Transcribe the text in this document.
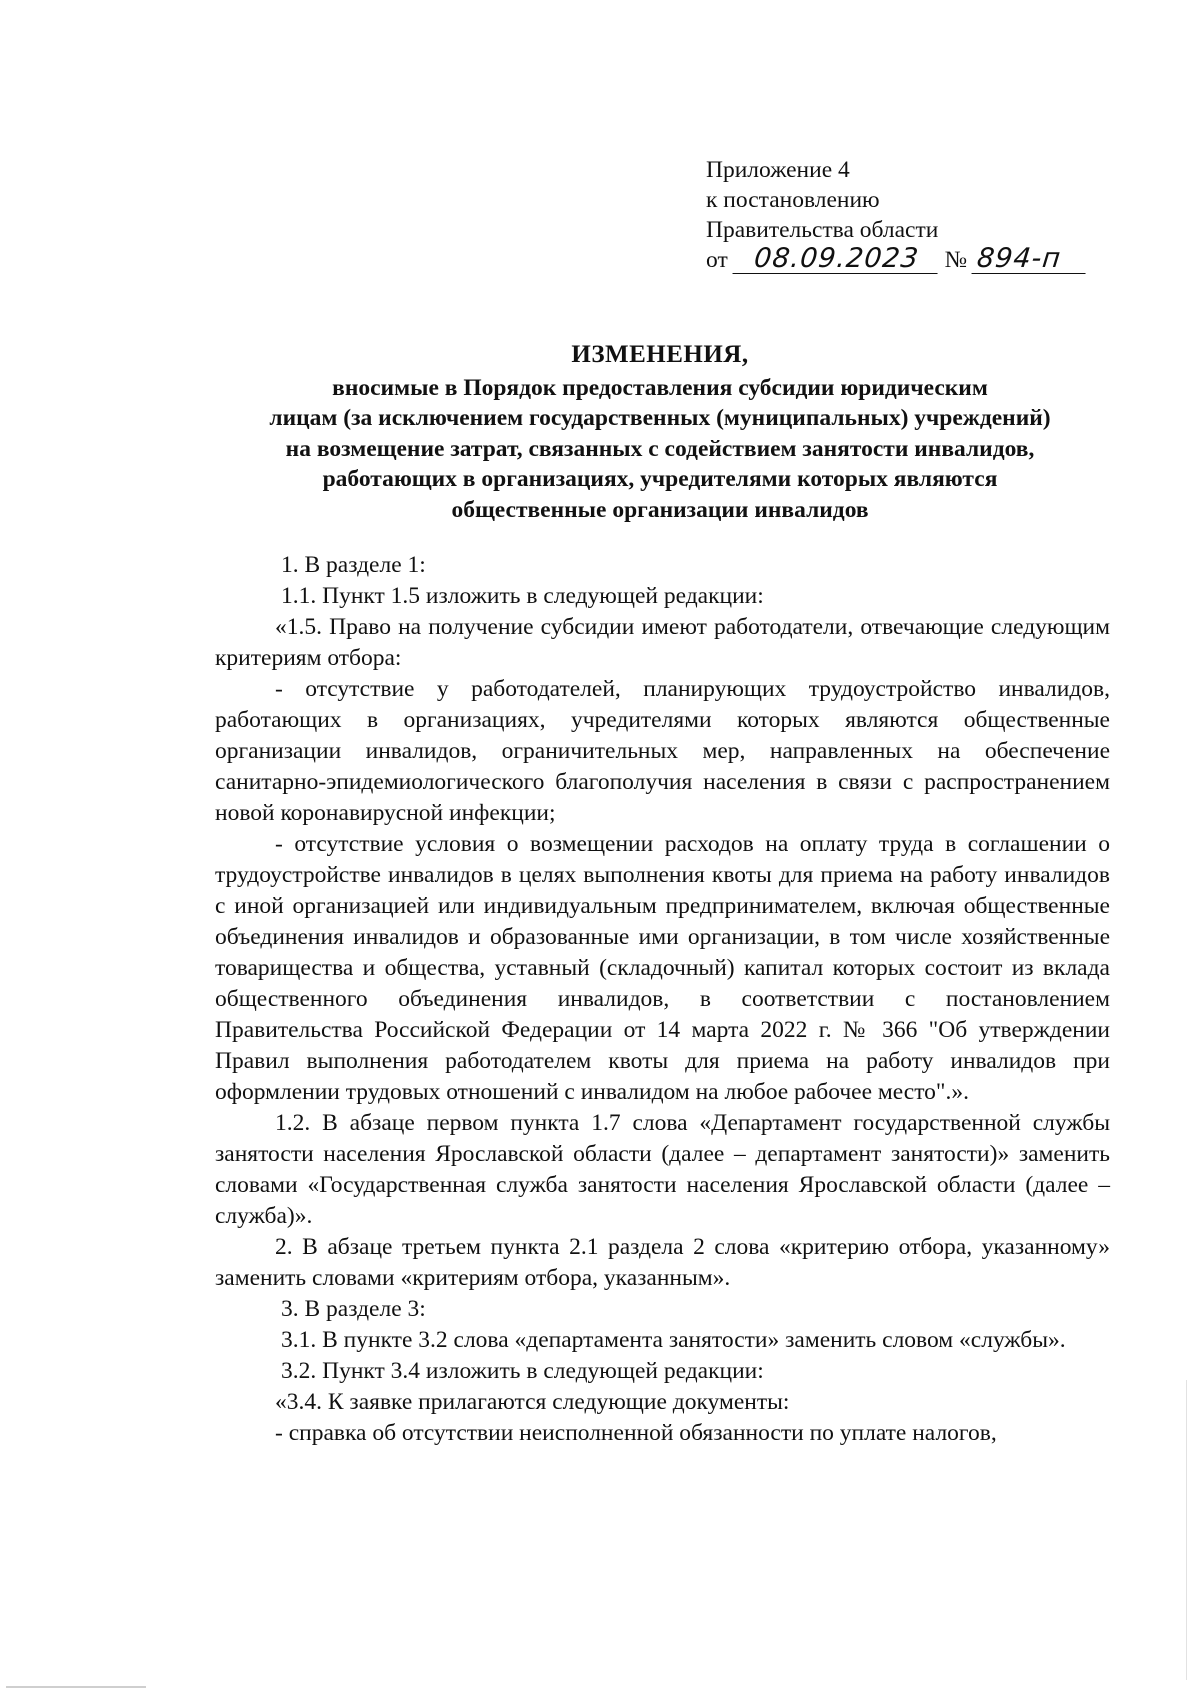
Приложение 4
к постановлению
Правительства области
от 08.09.2023 № 894-п
ИЗМЕНЕНИЯ,
вносимые в Порядок предоставления субсидии юридическим
лицам (за исключением государственных (муниципальных) учреждений)
на возмещение затрат, связанных с содействием занятости инвалидов,
работающих в организациях, учредителями которых являются
общественные организации инвалидов
1. В разделе 1:
1.1. Пункт 1.5 изложить в следующей редакции:
«1.5. Право на получение субсидии имеют работодатели, отвечающие следующим критериям отбора:
- отсутствие у работодателей, планирующих трудоустройство инвалидов, работающих в организациях, учредителями которых являются общественные организации инвалидов, ограничительных мер, направленных на обеспечение санитарно-эпидемиологического благополучия населения в связи с распространением новой коронавирусной инфекции;
- отсутствие условия о возмещении расходов на оплату труда в соглашении о трудоустройстве инвалидов в целях выполнения квоты для приема на работу инвалидов с иной организацией или индивидуальным предпринимателем, включая общественные объединения инвалидов и образованные ими организации, в том числе хозяйственные товарищества и общества, уставный (складочный) капитал которых состоит из вклада общественного объединения инвалидов, в соответствии с постановлением Правительства Российской Федерации от 14 марта 2022 г. № 366 "Об утверждении Правил выполнения работодателем квоты для приема на работу инвалидов при оформлении трудовых отношений с инвалидом на любое рабочее место".».
1.2. В абзаце первом пункта 1.7 слова «Департамент государственной службы занятости населения Ярославской области (далее – департамент занятости)» заменить словами «Государственная служба занятости населения Ярославской области (далее – служба)».
2. В абзаце третьем пункта 2.1 раздела 2 слова «критерию отбора, указанному» заменить словами «критериям отбора, указанным».
3. В разделе 3:
3.1. В пункте 3.2 слова «департамента занятости» заменить словом «службы».
3.2. Пункт 3.4 изложить в следующей редакции:
«3.4. К заявке прилагаются следующие документы:
- справка об отсутствии неисполненной обязанности по уплате налогов,
